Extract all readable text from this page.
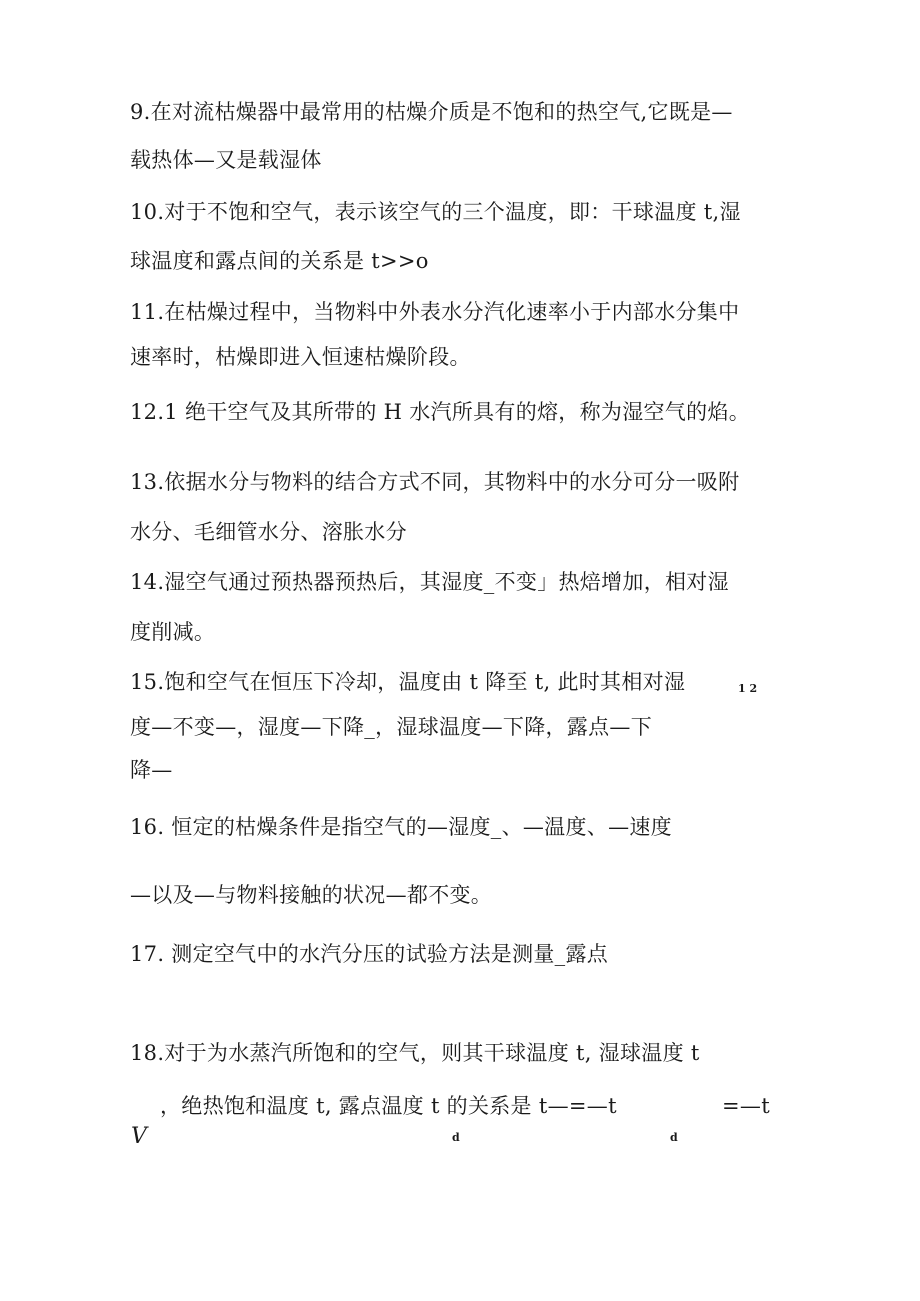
9.在对流枯燥器中最常用的枯燥介质是不饱和的热空气,它既是—
载热体—又是载湿体
10.对于不饱和空气，表示该空气的三个温度，即：干球温度 t,湿
球温度和露点间的关系是 t>>o
11.在枯燥过程中，当物料中外表水分汽化速率小于内部水分集中
速率时，枯燥即进入恒速枯燥阶段。
12.1 绝干空气及其所带的 H 水汽所具有的熔，称为湿空气的焰。
13.依据水分与物料的结合方式不同，其物料中的水分可分一吸附
水分、毛细管水分、溶胀水分
14.湿空气通过预热器预热后，其湿度_不变」热焙增加，相对湿
度削减。
15.饱和空气在恒压下冷却，温度由 t 降至 t, 此时其相对湿	1 2
度—不变—，湿度—下降_，湿球温度—下降，露点—下
降—
16. 恒定的枯燥条件是指空气的—湿度_、—温度、—速度
—以及—与物料接触的状况—都不变。
17. 测定空气中的水汽分压的试验方法是测量_露点
18.对于为水蒸汽所饱和的空气，则其干球温度 t, 湿球温度 t
，绝热饱和温度 t, 露点温度 t 的关系是 t—=—t	=—t
V	d	d
